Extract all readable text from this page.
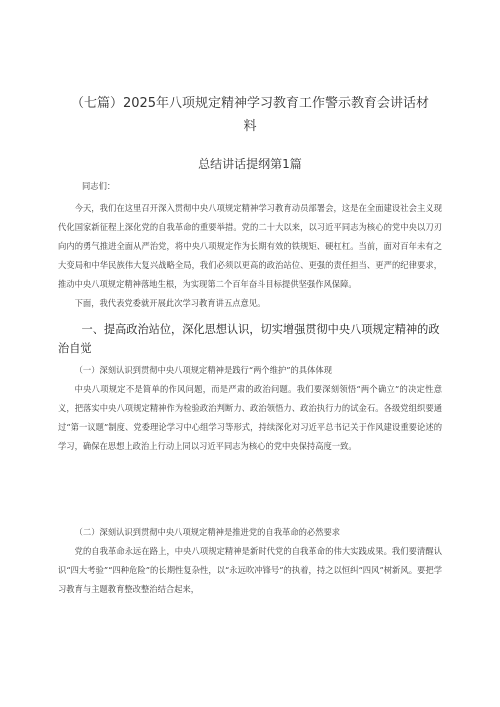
（七篇）2025年八项规定精神学习教育工作警示教育会讲话材料
总结讲话提纲第1篇
同志们：

今天，我们在这里召开深入贯彻中央八项规定精神学习教育动员部署会，这是在全面建设社会主义现代化国家新征程上深化党的自我革命的重要举措。党的二十大以来，以习近平同志为核心的党中央以刀刃向内的勇气推进全面从严治党，将中央八项规定作为长期有效的铁规矩、硬杠杠。当前，面对百年未有之大变局和中华民族伟大复兴战略全局，我们必须以更高的政治站位、更强的责任担当、更严的纪律要求，推动中央八项规定精神落地生根，为实现第二个百年奋斗目标提供坚强作风保障。

下面，我代表党委就开展此次学习教育讲五点意见。

一、提高政治站位，深化思想认识，切实增强贯彻中央八项规定精神的政治自觉

（一）深刻认识到贯彻中央八项规定精神是践行“两个维护”的具体体现

中央八项规定不是简单的作风问题，而是严肃的政治问题。我们要深刻领悟“两个确立”的决定性意义，把落实中央八项规定精神作为检验政治判断力、政治领悟力、政治执行力的试金石。各级党组织要通过“第一议题”制度、党委理论学习中心组学习等形式，持续深化对习近平总书记关于作风建设重要论述的学习，确保在思想上政治上行动上同以习近平同志为核心的党中央保持高度一致。

（二）深刻认识到贯彻中央八项规定精神是推进党的自我革命的必然要求

党的自我革命永远在路上，中央八项规定精神是新时代党的自我革命的伟大实践成果。我们要清醒认识“四大考验”“四种危险”的长期性复杂性，以“永远吹冲锋号”的执着，持之以恒纠“四风”树新风。要把学习教育与主题教育整改整治结合起来，
